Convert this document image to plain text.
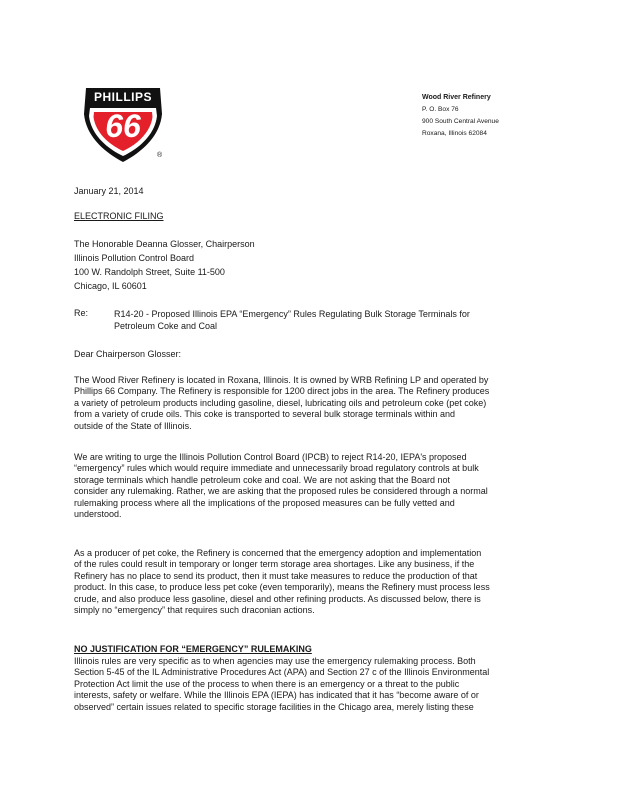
PHILLIPS
66
®
Wood River Refinery
P. O. Box 76
900 South Central Avenue
Roxana, Illinois 62084
January 21, 2014
ELECTRONIC FILING
The Honorable Deanna Glosser, Chairperson
Illinois Pollution Control Board
100 W. Randolph Street, Suite 11-500
Chicago, IL 60601
Re:	R14-20 - Proposed Illinois EPA “Emergency” Rules Regulating Bulk Storage Terminals for
Petroleum Coke and Coal
Dear Chairperson Glosser:
The Wood River Refinery is located in Roxana, Illinois. It is owned by WRB Refining LP and operated by
Phillips 66 Company. The Refinery is responsible for 1200 direct jobs in the area. The Refinery produces
a variety of petroleum products including gasoline, diesel, lubricating oils and petroleum coke (pet coke)
from a variety of crude oils. This coke is transported to several bulk storage terminals within and
outside of the State of Illinois.
We are writing to urge the Illinois Pollution Control Board (IPCB) to reject R14-20, IEPA's proposed
“emergency” rules which would require immediate and unnecessarily broad regulatory controls at bulk
storage terminals which handle petroleum coke and coal. We are not asking that the Board not
consider any rulemaking. Rather, we are asking that the proposed rules be considered through a normal
rulemaking process where all the implications of the proposed measures can be fully vetted and
understood.
As a producer of pet coke, the Refinery is concerned that the emergency adoption and implementation
of the rules could result in temporary or longer term storage area shortages. Like any business, if the
Refinery has no place to send its product, then it must take measures to reduce the production of that
product. In this case, to produce less pet coke (even temporarily), means the Refinery must process less
crude, and also produce less gasoline, diesel and other refining products. As discussed below, there is
simply no “emergency” that requires such draconian actions.
NO JUSTIFICATION FOR “EMERGENCY” RULEMAKING
Illinois rules are very specific as to when agencies may use the emergency rulemaking process. Both
Section 5-45 of the IL Administrative Procedures Act (APA) and Section 27 c of the Illinois Environmental
Protection Act limit the use of the process to when there is an emergency or a threat to the public
interests, safety or welfare. While the Illinois EPA (IEPA) has indicated that it has “become aware of or
observed” certain issues related to specific storage facilities in the Chicago area, merely listing these
